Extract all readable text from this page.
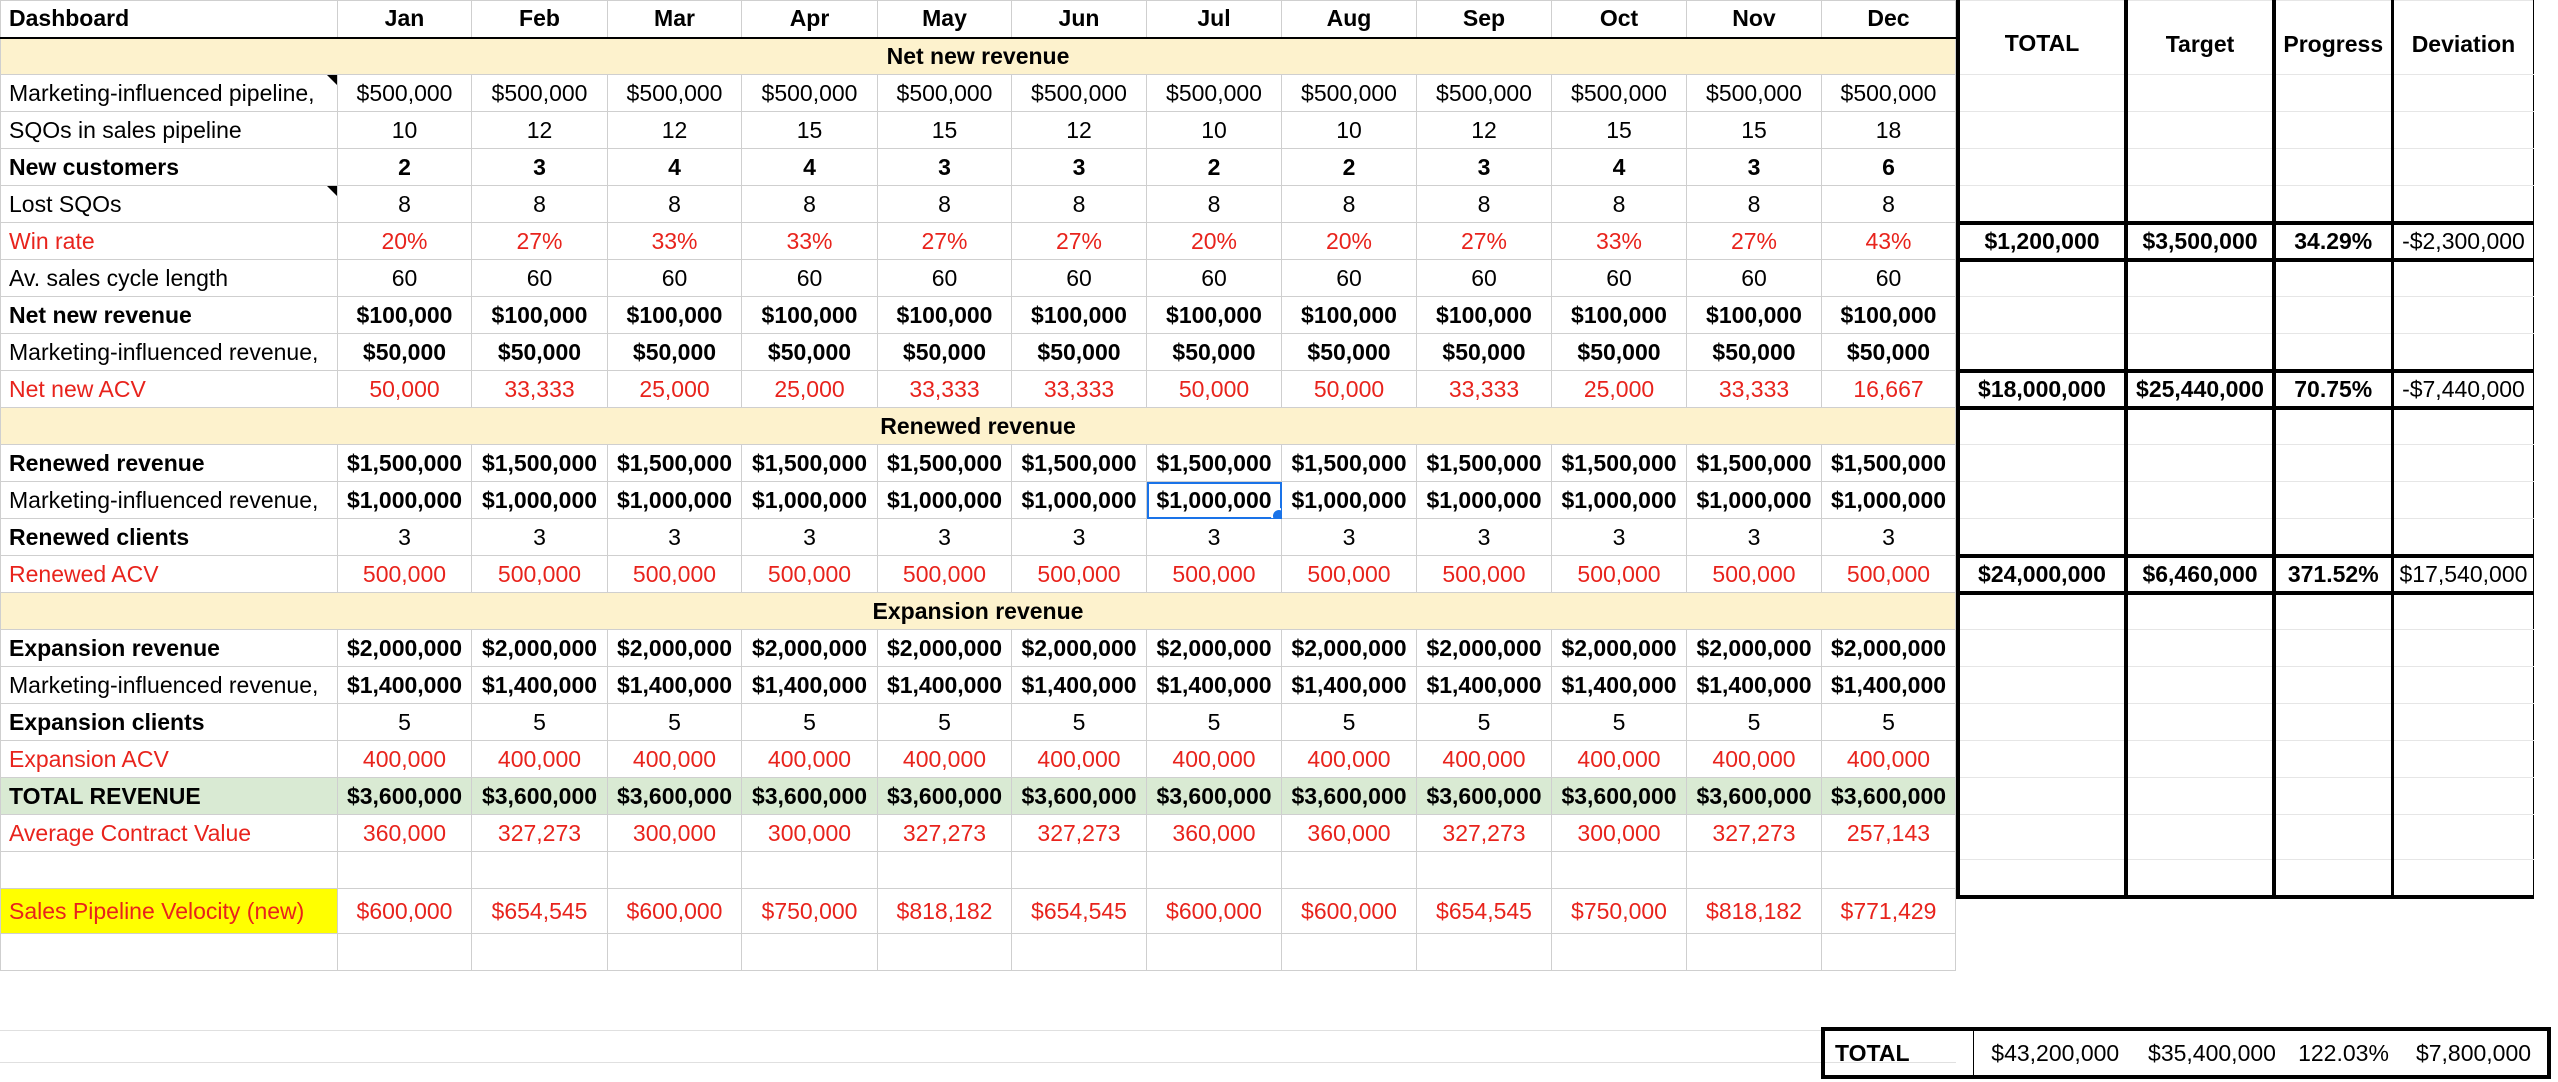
Dashboard	Jan	Feb	Mar	Apr	May	Jun	Jul	Aug	Sep	Oct	Nov	Dec
Net new revenue												
Marketing-influenced pipeline,	$500,000	$500,000	$500,000	$500,000	$500,000	$500,000	$500,000	$500,000	$500,000	$500,000	$500,000	$500,000
SQOs in sales pipeline	10	12	12	15	15	12	10	10	12	15	15	18
New customers	2	3	4	4	3	3	2	2	3	4	3	6
Lost SQOs	8	8	8	8	8	8	8	8	8	8	8	8
Win rate	20%	27%	33%	33%	27%	27%	20%	20%	27%	33%	27%	43%
Av. sales cycle length	60	60	60	60	60	60	60	60	60	60	60	60
Net new revenue	$100,000	$100,000	$100,000	$100,000	$100,000	$100,000	$100,000	$100,000	$100,000	$100,000	$100,000	$100,000
Marketing-influenced revenue,	$50,000	$50,000	$50,000	$50,000	$50,000	$50,000	$50,000	$50,000	$50,000	$50,000	$50,000	$50,000
Net new ACV	50,000	33,333	25,000	25,000	33,333	33,333	50,000	50,000	33,333	25,000	33,333	16,667
Renewed revenue												
Renewed revenue	$1,500,000	$1,500,000	$1,500,000	$1,500,000	$1,500,000	$1,500,000	$1,500,000	$1,500,000	$1,500,000	$1,500,000	$1,500,000	$1,500,000
Marketing-influenced revenue,	$1,000,000	$1,000,000	$1,000,000	$1,000,000	$1,000,000	$1,000,000	$1,000,000	$1,000,000	$1,000,000	$1,000,000	$1,000,000	$1,000,000
Renewed clients	3	3	3	3	3	3	3	3	3	3	3	3
Renewed ACV	500,000	500,000	500,000	500,000	500,000	500,000	500,000	500,000	500,000	500,000	500,000	500,000
Expansion revenue												
Expansion revenue	$2,000,000	$2,000,000	$2,000,000	$2,000,000	$2,000,000	$2,000,000	$2,000,000	$2,000,000	$2,000,000	$2,000,000	$2,000,000	$2,000,000
Marketing-influenced revenue,	$1,400,000	$1,400,000	$1,400,000	$1,400,000	$1,400,000	$1,400,000	$1,400,000	$1,400,000	$1,400,000	$1,400,000	$1,400,000	$1,400,000
Expansion clients	5	5	5	5	5	5	5	5	5	5	5	5
Expansion ACV	400,000	400,000	400,000	400,000	400,000	400,000	400,000	400,000	400,000	400,000	400,000	400,000
TOTAL REVENUE	$3,600,000	$3,600,000	$3,600,000	$3,600,000	$3,600,000	$3,600,000	$3,600,000	$3,600,000	$3,600,000	$3,600,000	$3,600,000	$3,600,000
Average Contract Value	360,000	327,273	300,000	300,000	327,273	327,273	360,000	360,000	327,273	300,000	327,273	257,143

Sales Pipeline Velocity (new)	$600,000	$654,545	$600,000	$750,000	$818,182	$654,545	$600,000	$600,000	$654,545	$750,000	$818,182	$771,429

TOTAL	Target	Progress	Deviation

$1,200,000	$3,500,000	34.29%	-$2,300,000

$18,000,000	$25,440,000	70.75%	-$7,440,000

$24,000,000	$6,460,000	371.52%	$17,540,000

TOTAL	$43,200,000	$35,400,000	122.03%	$7,800,000
